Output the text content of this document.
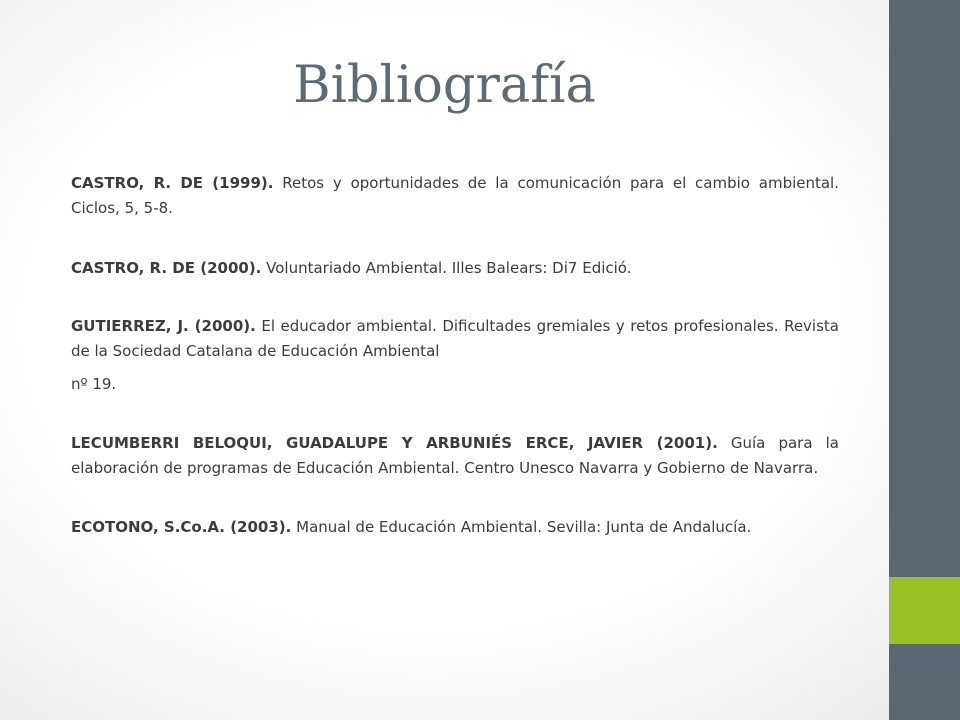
Bibliografía

CASTRO, R. DE (1999). Retos y oportunidades de la comunicación para el cambio ambiental. Ciclos, 5, 5-8.

CASTRO, R. DE (2000). Voluntariado Ambiental. Illes Balears: Di7 Edició.

GUTIERREZ, J. (2000). El educador ambiental. Dificultades gremiales y retos profesionales. Revista de la Sociedad Catalana de Educación Ambiental

nº 19.

LECUMBERRI BELOQUI, GUADALUPE Y ARBUNIÉS ERCE, JAVIER (2001). Guía para la elaboración de programas de Educación Ambiental. Centro Unesco Navarra y Gobierno de Navarra.

ECOTONO, S.Co.A. (2003). Manual de Educación Ambiental. Sevilla: Junta de Andalucía.
